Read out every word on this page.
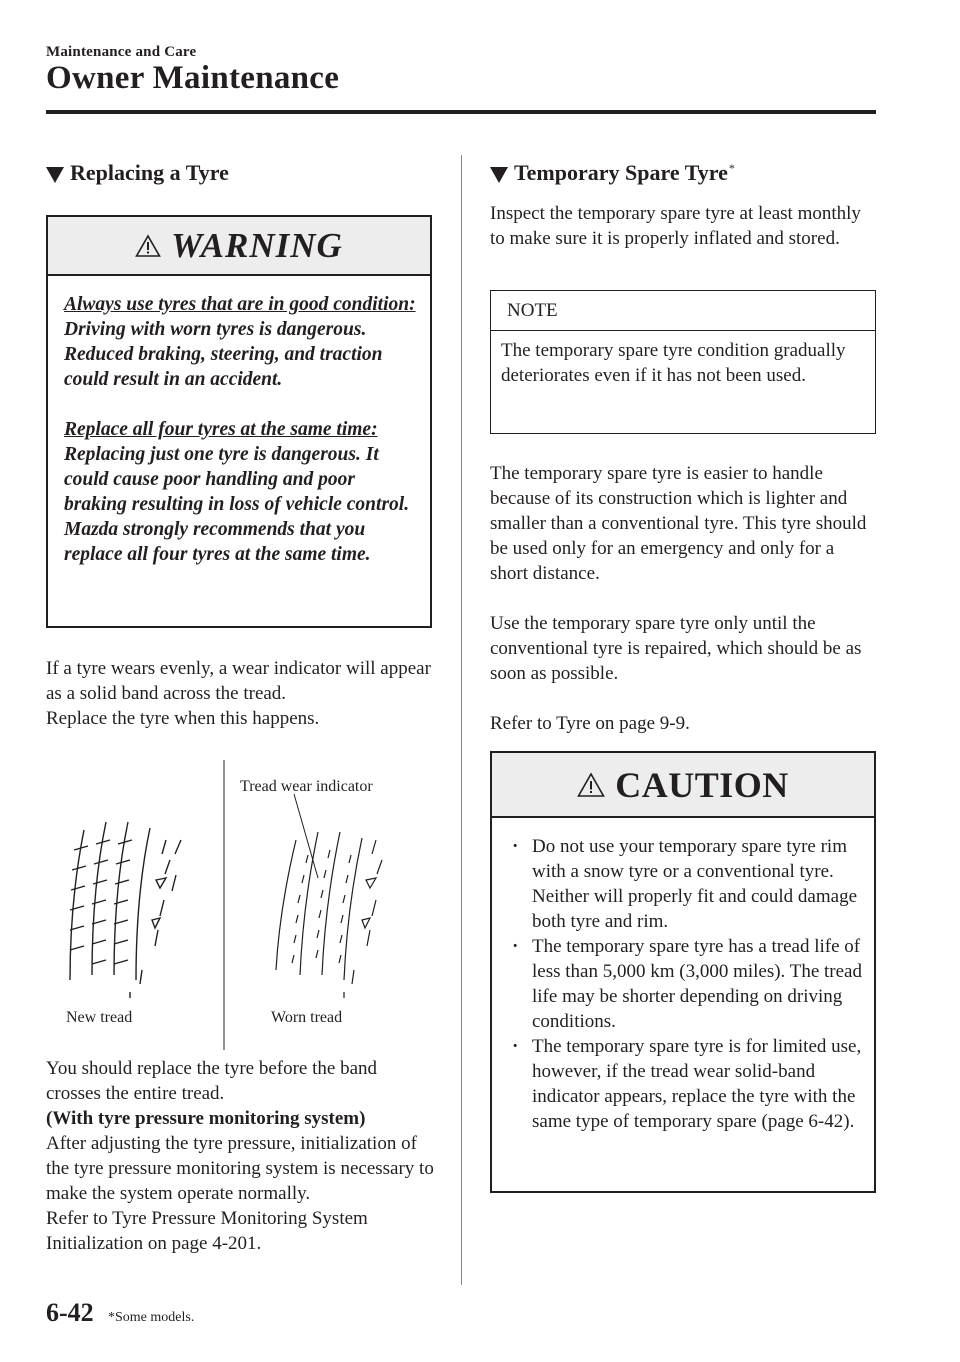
Maintenance and Care
Owner Maintenance
Replacing a Tyre
WARNING

Always use tyres that are in good condition:

Driving with worn tyres is dangerous. Reduced braking, steering, and traction could result in an accident.

Replace all four tyres at the same time:

Replacing just one tyre is dangerous. It could cause poor handling and poor braking resulting in loss of vehicle control. Mazda strongly recommends that you replace all four tyres at the same time.

If a tyre wears evenly, a wear indicator will appear as a solid band across the tread.

Replace the tyre when this happens.

Tread wear indicator
New tread	Worn tread

You should replace the tyre before the band crosses the entire tread.

(With tyre pressure monitoring system)

After adjusting the tyre pressure, initialization of the tyre pressure monitoring system is necessary to make the system operate normally.

Refer to Tyre Pressure Monitoring System Initialization on page 4-201.

Temporary Spare Tyre*
Inspect the temporary spare tyre at least monthly to make sure it is properly inflated and stored.
NOTE
The temporary spare tyre condition gradually deteriorates even if it has not been used.

The temporary spare tyre is easier to handle because of its construction which is lighter and smaller than a conventional tyre. This tyre should be used only for an emergency and only for a short distance.

Use the temporary spare tyre only until the conventional tyre is repaired, which should be as soon as possible.

Refer to Tyre on page 9-9.

CAUTION
· Do not use your temporary spare tyre rim with a snow tyre or a conventional tyre. Neither will properly fit and could damage both tyre and rim.
· The temporary spare tyre has a tread life of less than 5,000 km (3,000 miles). The tread life may be shorter depending on driving conditions.
· The temporary spare tyre is for limited use, however, if the tread wear solid-band indicator appears, replace the tyre with the same type of temporary spare (page 6-42).
6-42 *Some models.
